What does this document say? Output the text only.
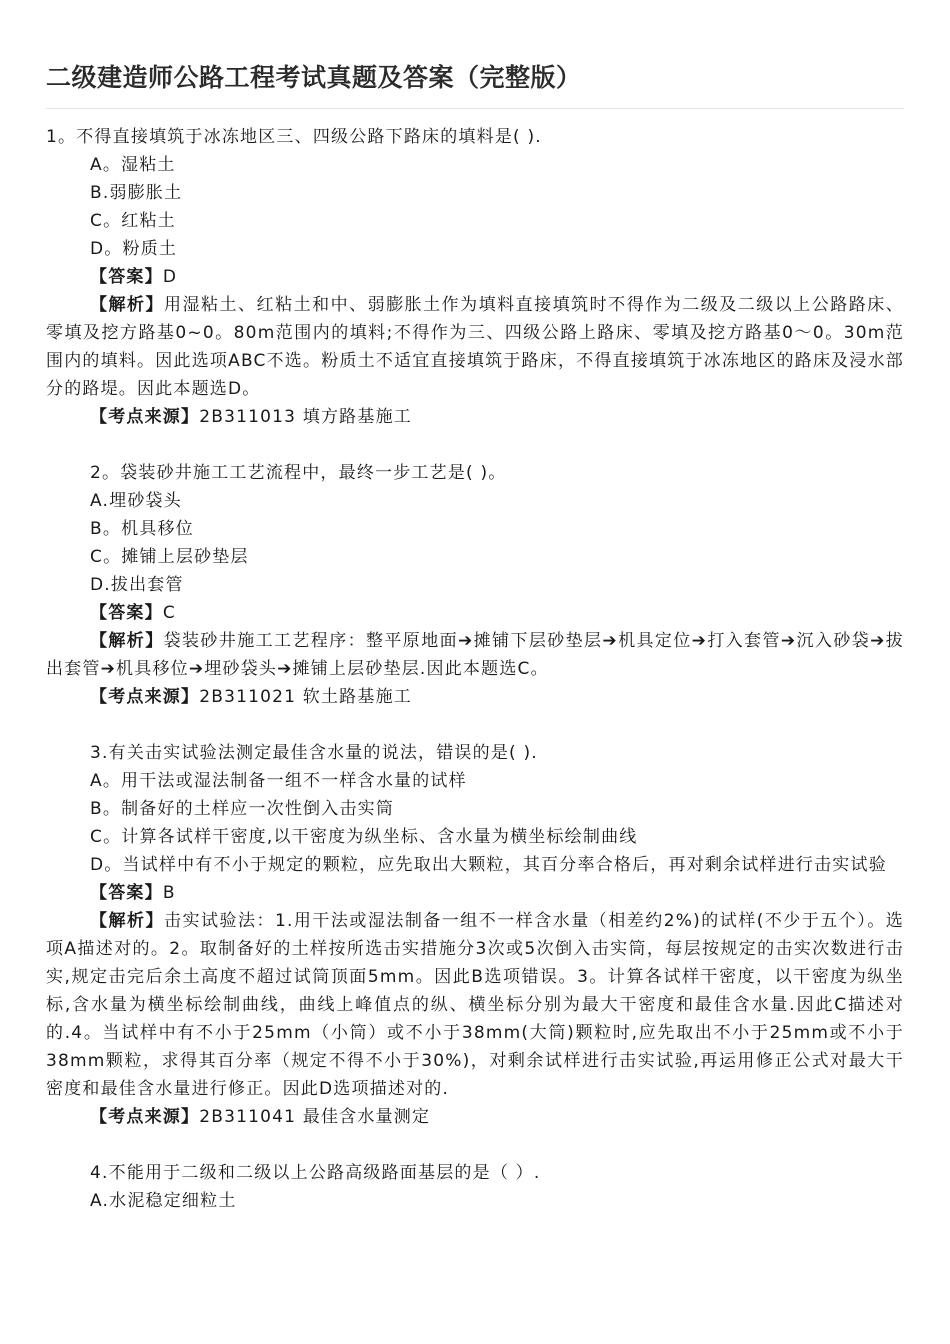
二级建造师公路工程考试真题及答案（完整版）

1。不得直接填筑于冰冻地区三、四级公路下路床的填料是( ).

A。湿粘土

B.弱膨胀土

C。红粘土

D。粉质土

【答案】D

【解析】用湿粘土、红粘土和中、弱膨胀土作为填料直接填筑时不得作为二级及二级以上公路路床、零填及挖方路基0~0。80m范围内的填料;不得作为三、四级公路上路床、零填及挖方路基0～0。30m范围内的填料。因此选项ABC不选。粉质土不适宜直接填筑于路床，不得直接填筑于冰冻地区的路床及浸水部分的路堤。因此本题选D。

【考点来源】2B311013 填方路基施工

2。袋装砂井施工工艺流程中，最终一步工艺是( )。

A.埋砂袋头

B。机具移位

C。摊铺上层砂垫层

D.拔出套管

【答案】C

【解析】袋装砂井施工工艺程序：整平原地面➔摊铺下层砂垫层➔机具定位➔打入套管➔沉入砂袋➔拔出套管➔机具移位➔埋砂袋头➔摊铺上层砂垫层.因此本题选C。

【考点来源】2B311021 软土路基施工

3.有关击实试验法测定最佳含水量的说法，错误的是( ).

A。用干法或湿法制备一组不一样含水量的试样

B。制备好的土样应一次性倒入击实筒

C。计算各试样干密度,以干密度为纵坐标、含水量为横坐标绘制曲线

D。当试样中有不小于规定的颗粒，应先取出大颗粒，其百分率合格后，再对剩余试样进行击实试验

【答案】B

【解析】击实试验法：1.用干法或湿法制备一组不一样含水量（相差约2%)的试样(不少于五个）。选项A描述对的。2。取制备好的土样按所选击实措施分3次或5次倒入击实筒，每层按规定的击实次数进行击实,规定击完后余土高度不超过试筒顶面5mm。因此B选项错误。3。计算各试样干密度，以干密度为纵坐标,含水量为横坐标绘制曲线，曲线上峰值点的纵、横坐标分别为最大干密度和最佳含水量.因此C描述对的.4。当试样中有不小于25mm（小筒）或不小于38mm(大筒)颗粒时,应先取出不小于25mm或不小于38mm颗粒，求得其百分率（规定不得不小于30%)，对剩余试样进行击实试验,再运用修正公式对最大干密度和最佳含水量进行修正。因此D选项描述对的.

【考点来源】2B311041 最佳含水量测定

4.不能用于二级和二级以上公路高级路面基层的是（ ）.

A.水泥稳定细粒土
